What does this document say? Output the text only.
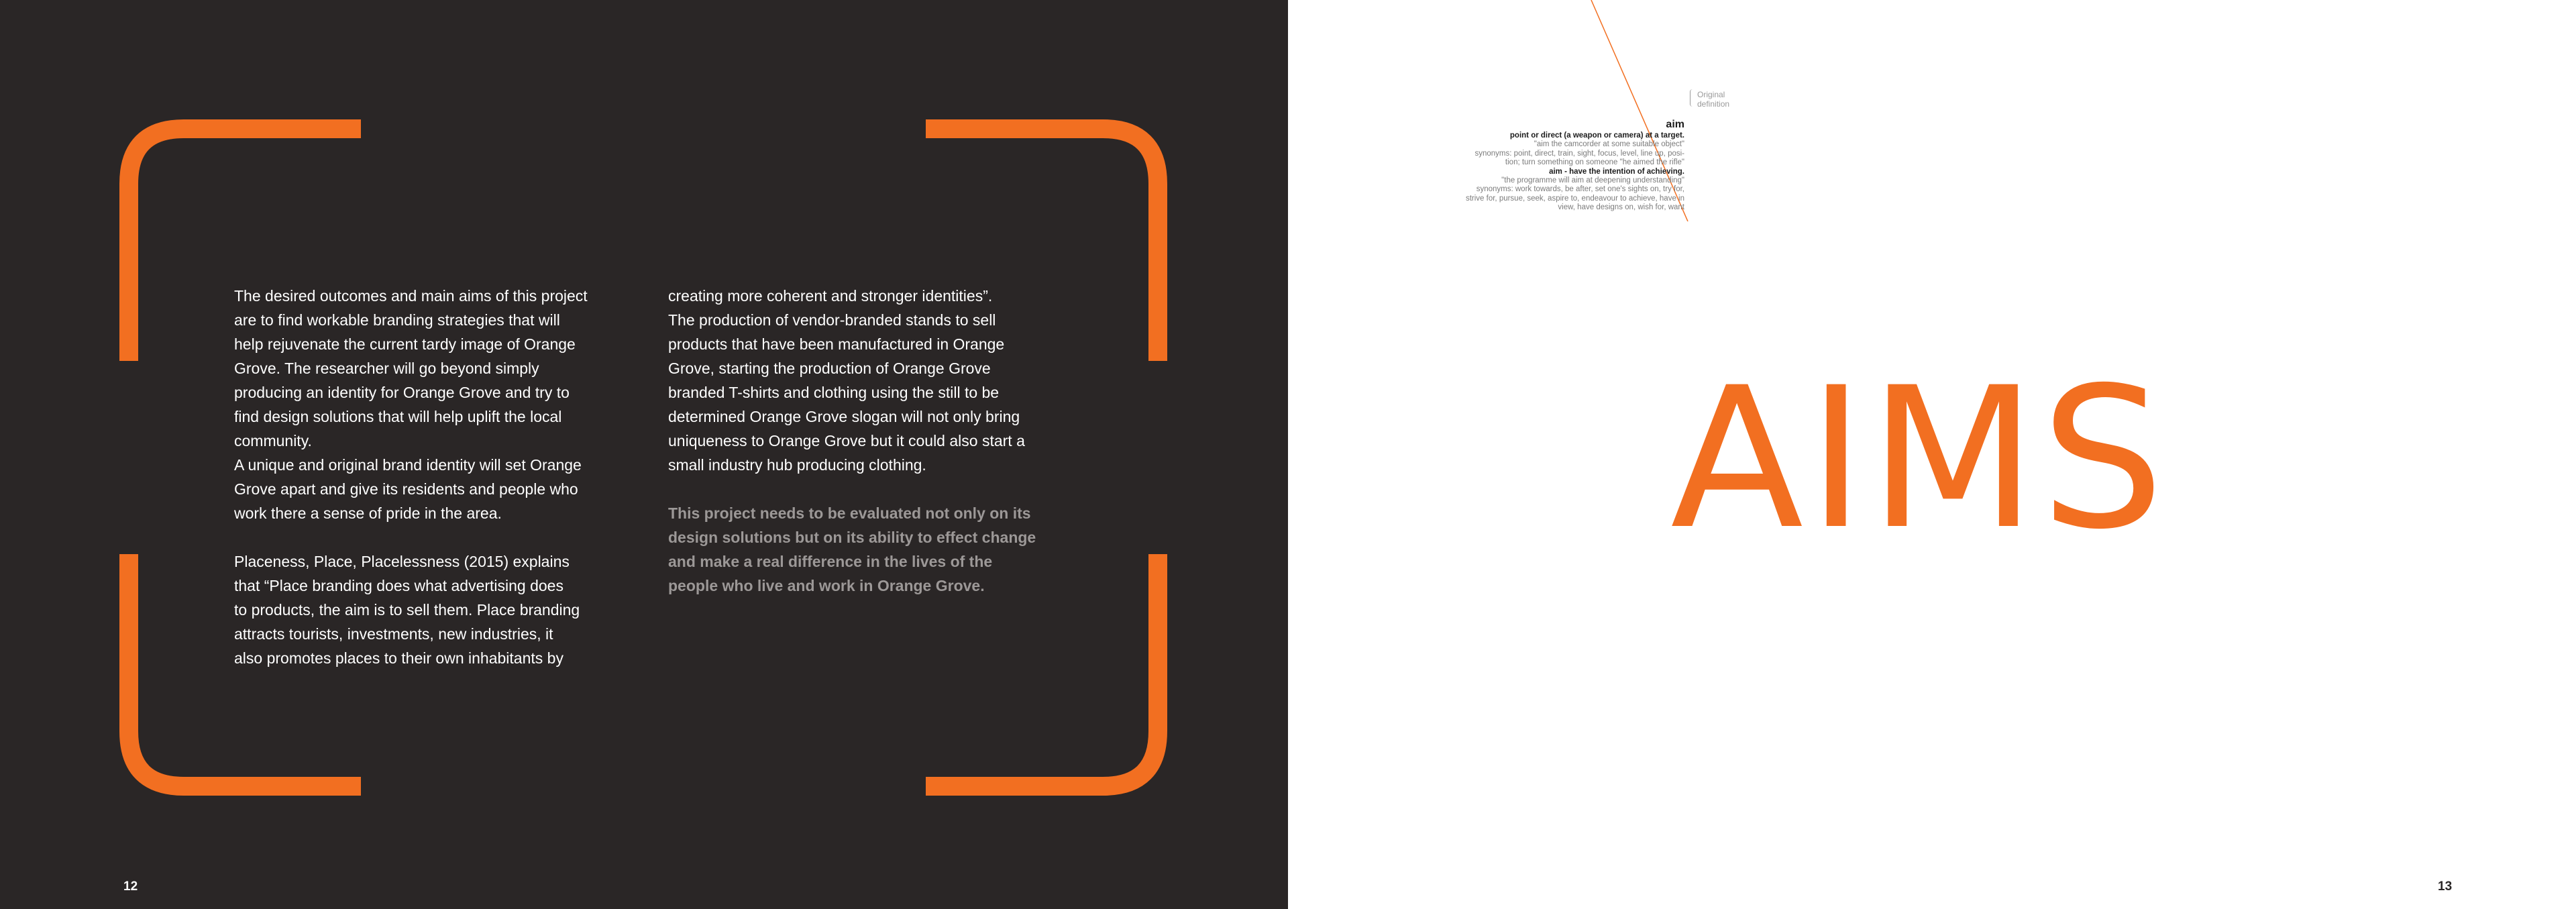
The desired outcomes and main aims of this project
are to find workable branding strategies that will
help rejuvenate the current tardy image of Orange
Grove. The researcher will go beyond simply
producing an identity for Orange Grove and try to
find design solutions that will help uplift the local
community.
A unique and original brand identity will set Orange
Grove apart and give its residents and people who
work there a sense of pride in the area.

Placeness, Place, Placelessness (2015) explains
that “Place branding does what advertising does
to products, the aim is to sell them. Place branding
attracts tourists, investments, new industries, it
also promotes places to their own inhabitants by

creating more coherent and stronger identities”.
The production of vendor-branded stands to sell
products that have been manufactured in Orange
Grove, starting the production of Orange Grove
branded T-shirts and clothing using the still to be
determined Orange Grove slogan will not only bring
uniqueness to Orange Grove but it could also start a
small industry hub producing clothing.

This project needs to be evaluated not only on its
design solutions but on its ability to effect change
and make a real difference in the lives of the
people who live and work in Orange Grove.

12
Original
definition
aim
point or direct (a weapon or camera) at a target.
"aim the camcorder at some suitable object"
synonyms: point, direct, train, sight, focus, level, line up, posi-
tion; turn something on someone "he aimed the rifle"
aim - have the intention of achieving.
"the programme will aim at deepening understanding"
synonyms: work towards, be after, set one's sights on, try for,
strive for, pursue, seek, aspire to, endeavour to achieve, have in
view, have designs on, wish for, want
AIMS
13
